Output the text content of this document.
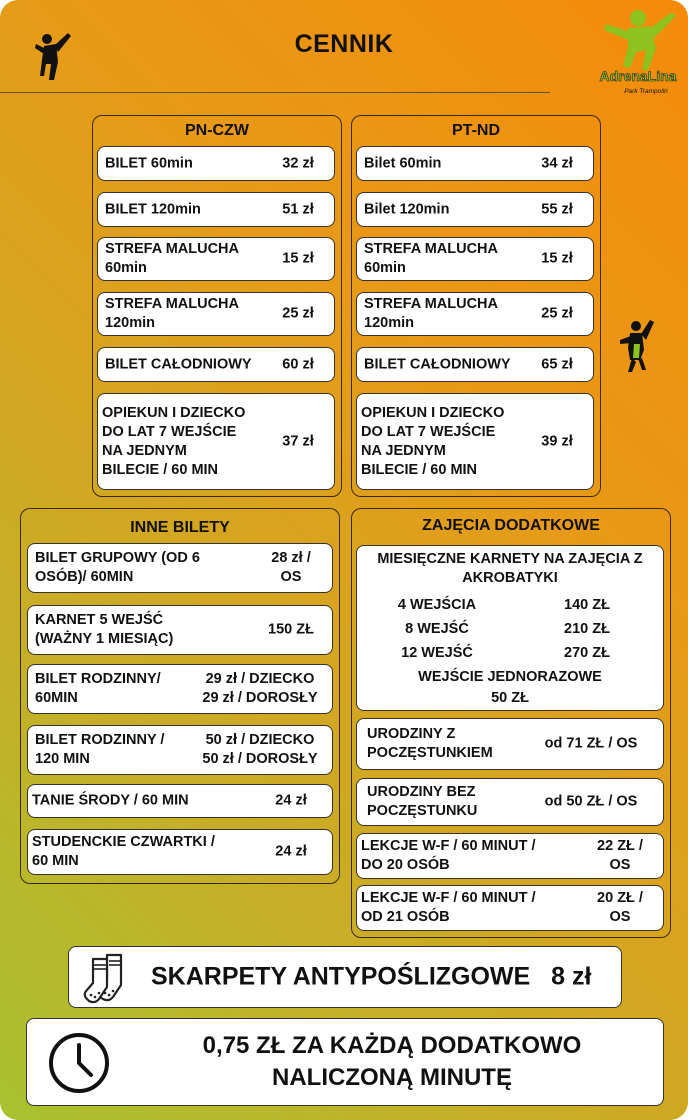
CENNIK
AdrenaLina
Park Trampolin
PN-CZW	PT-ND
BILET 60min	32 zł
BILET 120min	51 zł
STREFA MALUCHA
60min
15 zł
STREFA MALUCHA
120min
25 zł
BILET CAŁODNIOWY	60 zł
OPIEKUN I DZIECKO
DO LAT 7 WEJŚCIE
NA JEDNYM
BILECIE / 60 MIN
37 zł
Bilet 60min	34 zł
Bilet 120min	55 zł
STREFA MALUCHA
60min
15 zł
STREFA MALUCHA
120min
25 zł
BILET CAŁODNIOWY	65 zł
OPIEKUN I DZIECKO
DO LAT 7 WEJŚCIE
NA JEDNYM
BILECIE / 60 MIN
39 zł
INNE BILETY
BILET GRUPOWY (OD 6
OSÓB)/ 60MIN
28 zł /
OS
KARNET 5 WEJŚĆ
(WAŻNY 1 MIESIĄC)
150 ZŁ
BILET RODZINNY/
60MIN
29 zł / DZIECKO
29 zł / DOROSŁY
BILET RODZINNY /
120 MIN
50 zł / DZIECKO
50 zł / DOROSŁY
TANIE ŚRODY / 60 MIN	24 zł
STUDENCKIE CZWARTKI /
60 MIN
24 zł
ZAJĘCIA DODATKOWE
MIESIĘCZNE KARNETY NA ZAJĘCIA Z
AKROBATYKI
4 WEJŚCIA	140 ZŁ
8 WEJŚĆ	210 ZŁ
12 WEJŚĆ	270 ZŁ
WEJŚCIE JEDNORAZOWE
50 ZŁ
URODZINY Z
POCZĘSTUNKIEM
od 71 ZŁ / OS
URODZINY BEZ
POCZĘSTUNKU
od 50 ZŁ / OS
LEKCJE W-F / 60 MINUT /
DO 20 OSÓB
22 ZŁ /
OS
LEKCJE W-F / 60 MINUT /
OD 21 OSÓB
20 ZŁ /
OS
SKARPETY ANTYPOŚLIZGOWE 8 zł
0,75 ZŁ ZA KAŻDĄ DODATKOWO
NALICZONĄ MINUTĘ
